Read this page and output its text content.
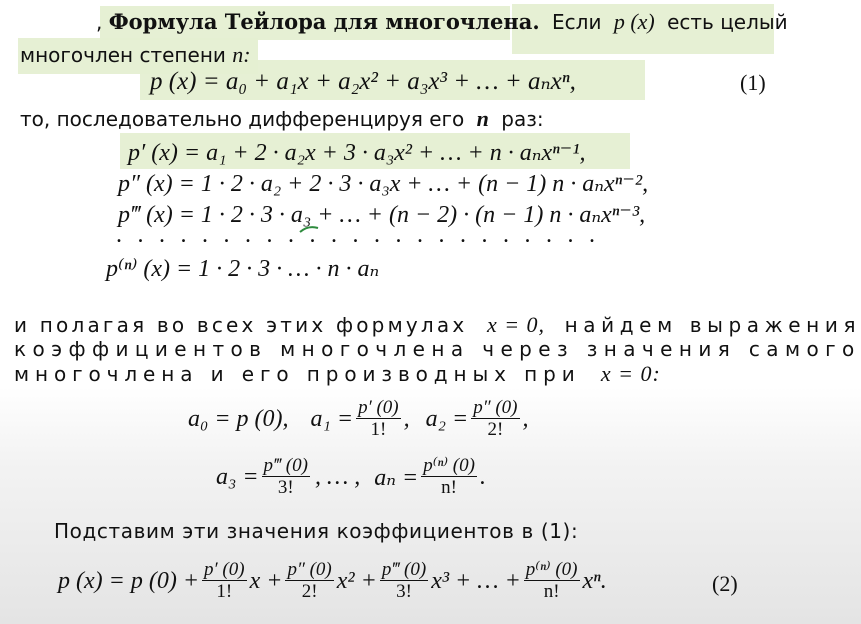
, Формула Тейлора для многочлена. Если p (x) есть целый
многочлен степени n:
p (x) = a₀ + a₁x + a₂x² + a₃x³ + … + aₙxⁿ,	(1)
то, последовательно дифференцируя его n раз:
p′ (x) = a₁ + 2 · a₂x + 3 · a₃x² + … + n · aₙxⁿ⁻¹,
p″ (x) = 1 · 2 · a₂ + 2 · 3 · a₃x + … + (n − 1) n · aₙxⁿ⁻²,
p‴ (x) = 1 · 2 · 3 · a₃ + … + (n − 2) · (n − 1) n · aₙxⁿ⁻³,
.......................
p⁽ⁿ⁾ (x) = 1 · 2 · 3 · … · n · aₙ
и полагая во всех этих формулах x = 0, найдем выражения
коэффициентов многочлена через значения самого
многочлена и его производных при x = 0:
a₀ = p (0), $a_1 = \frac{p' (0)}{1!}$ , $a_2 = \frac{p'' (0)}{2!}$ ,
$a_3 = \frac{p‴ (0)}{3!}$ , … , $a_n = \frac{\text{p⁽ⁿ⁾ (0)}}{n!}$ .
Подставим эти значения коэффициентов в (1):
p (x) = p $(0) + \frac{p' (0)}{1!}$ $x + \frac{p'' (0)}{2!} x^2 + \frac{p‴ (0)}{3!} x^3$ + … + $\frac{\text{p⁽ⁿ⁾ (0)}}{n!} x^n$.	(2)
